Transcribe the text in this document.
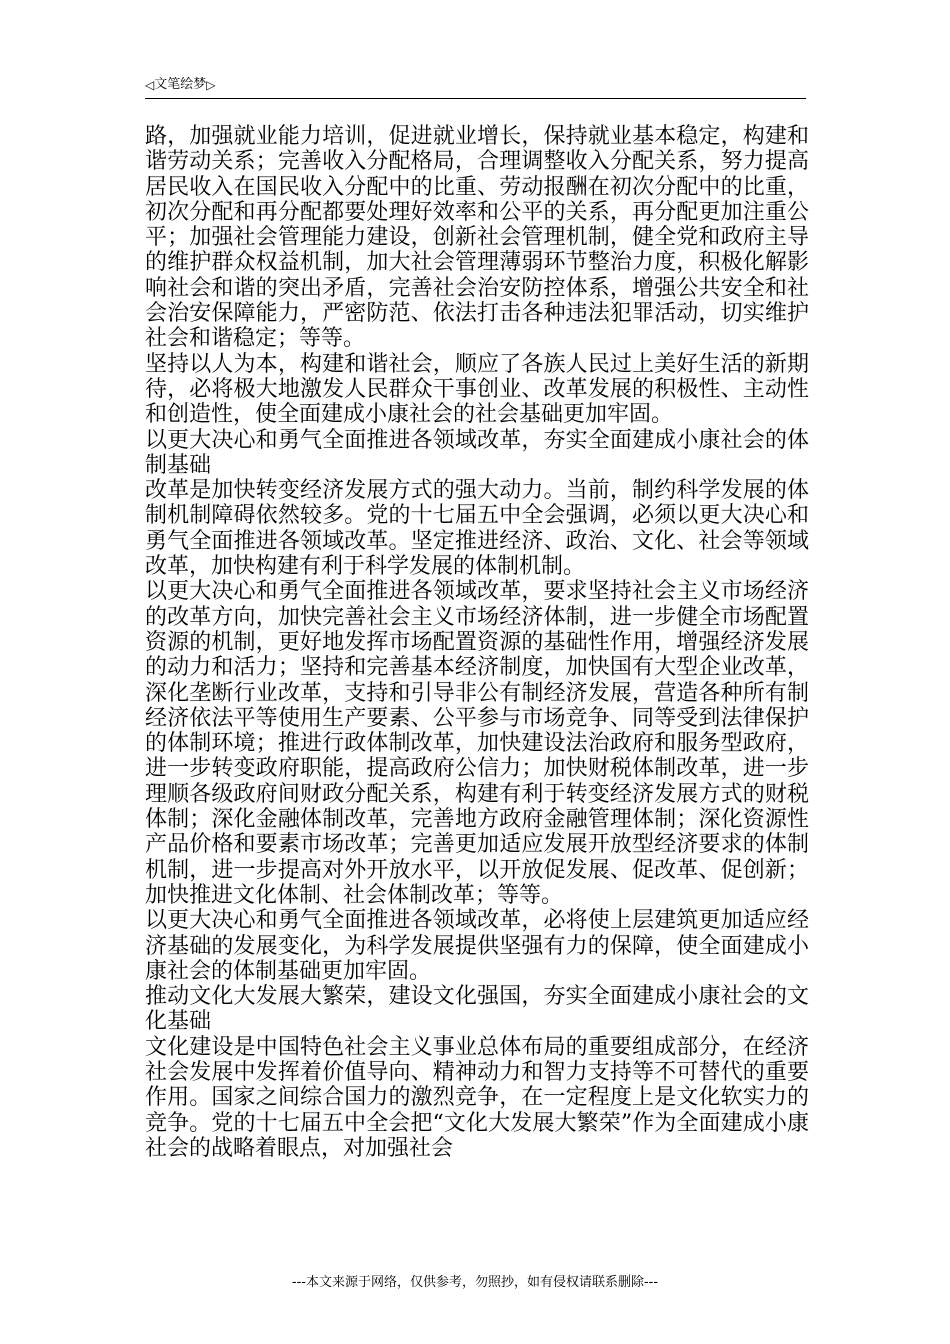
◁文笔绘梦▷

路，加强就业能力培训，促进就业增长，保持就业基本稳定，构建和谐劳动关系；完善收入分配格局，合理调整收入分配关系，努力提高居民收入在国民收入分配中的比重、劳动报酬在初次分配中的比重，初次分配和再分配都要处理好效率和公平的关系，再分配更加注重公平；加强社会管理能力建设，创新社会管理机制，健全党和政府主导的维护群众权益机制，加大社会管理薄弱环节整治力度，积极化解影响社会和谐的突出矛盾，完善社会治安防控体系，增强公共安全和社会治安保障能力，严密防范、依法打击各种违法犯罪活动，切实维护社会和谐稳定；等等。

坚持以人为本，构建和谐社会，顺应了各族人民过上美好生活的新期待，必将极大地激发人民群众干事创业、改革发展的积极性、主动性和创造性，使全面建成小康社会的社会基础更加牢固。

以更大决心和勇气全面推进各领域改革，夯实全面建成小康社会的体制基础

改革是加快转变经济发展方式的强大动力。当前，制约科学发展的体制机制障碍依然较多。党的十七届五中全会强调，必须以更大决心和勇气全面推进各领域改革。坚定推进经济、政治、文化、社会等领域改革，加快构建有利于科学发展的体制机制。

以更大决心和勇气全面推进各领域改革，要求坚持社会主义市场经济的改革方向，加快完善社会主义市场经济体制，进一步健全市场配置资源的机制，更好地发挥市场配置资源的基础性作用，增强经济发展的动力和活力；坚持和完善基本经济制度，加快国有大型企业改革，深化垄断行业改革，支持和引导非公有制经济发展，营造各种所有制经济依法平等使用生产要素、公平参与市场竞争、同等受到法律保护的体制环境；推进行政体制改革，加快建设法治政府和服务型政府，进一步转变政府职能，提高政府公信力；加快财税体制改革，进一步理顺各级政府间财政分配关系，构建有利于转变经济发展方式的财税体制；深化金融体制改革，完善地方政府金融管理体制；深化资源性产品价格和要素市场改革；完善更加适应发展开放型经济要求的体制机制，进一步提高对外开放水平，以开放促发展、促改革、促创新；加快推进文化体制、社会体制改革；等等。

以更大决心和勇气全面推进各领域改革，必将使上层建筑更加适应经济基础的发展变化，为科学发展提供坚强有力的保障，使全面建成小康社会的体制基础更加牢固。

推动文化大发展大繁荣，建设文化强国，夯实全面建成小康社会的文化基础

文化建设是中国特色社会主义事业总体布局的重要组成部分，在经济社会发展中发挥着价值导向、精神动力和智力支持等不可替代的重要作用。国家之间综合国力的激烈竞争，在一定程度上是文化软实力的竞争。党的十七届五中全会把“文化大发展大繁荣”作为全面建成小康社会的战略着眼点，对加强社会

---本文来源于网络，仅供参考，勿照抄，如有侵权请联系删除---
